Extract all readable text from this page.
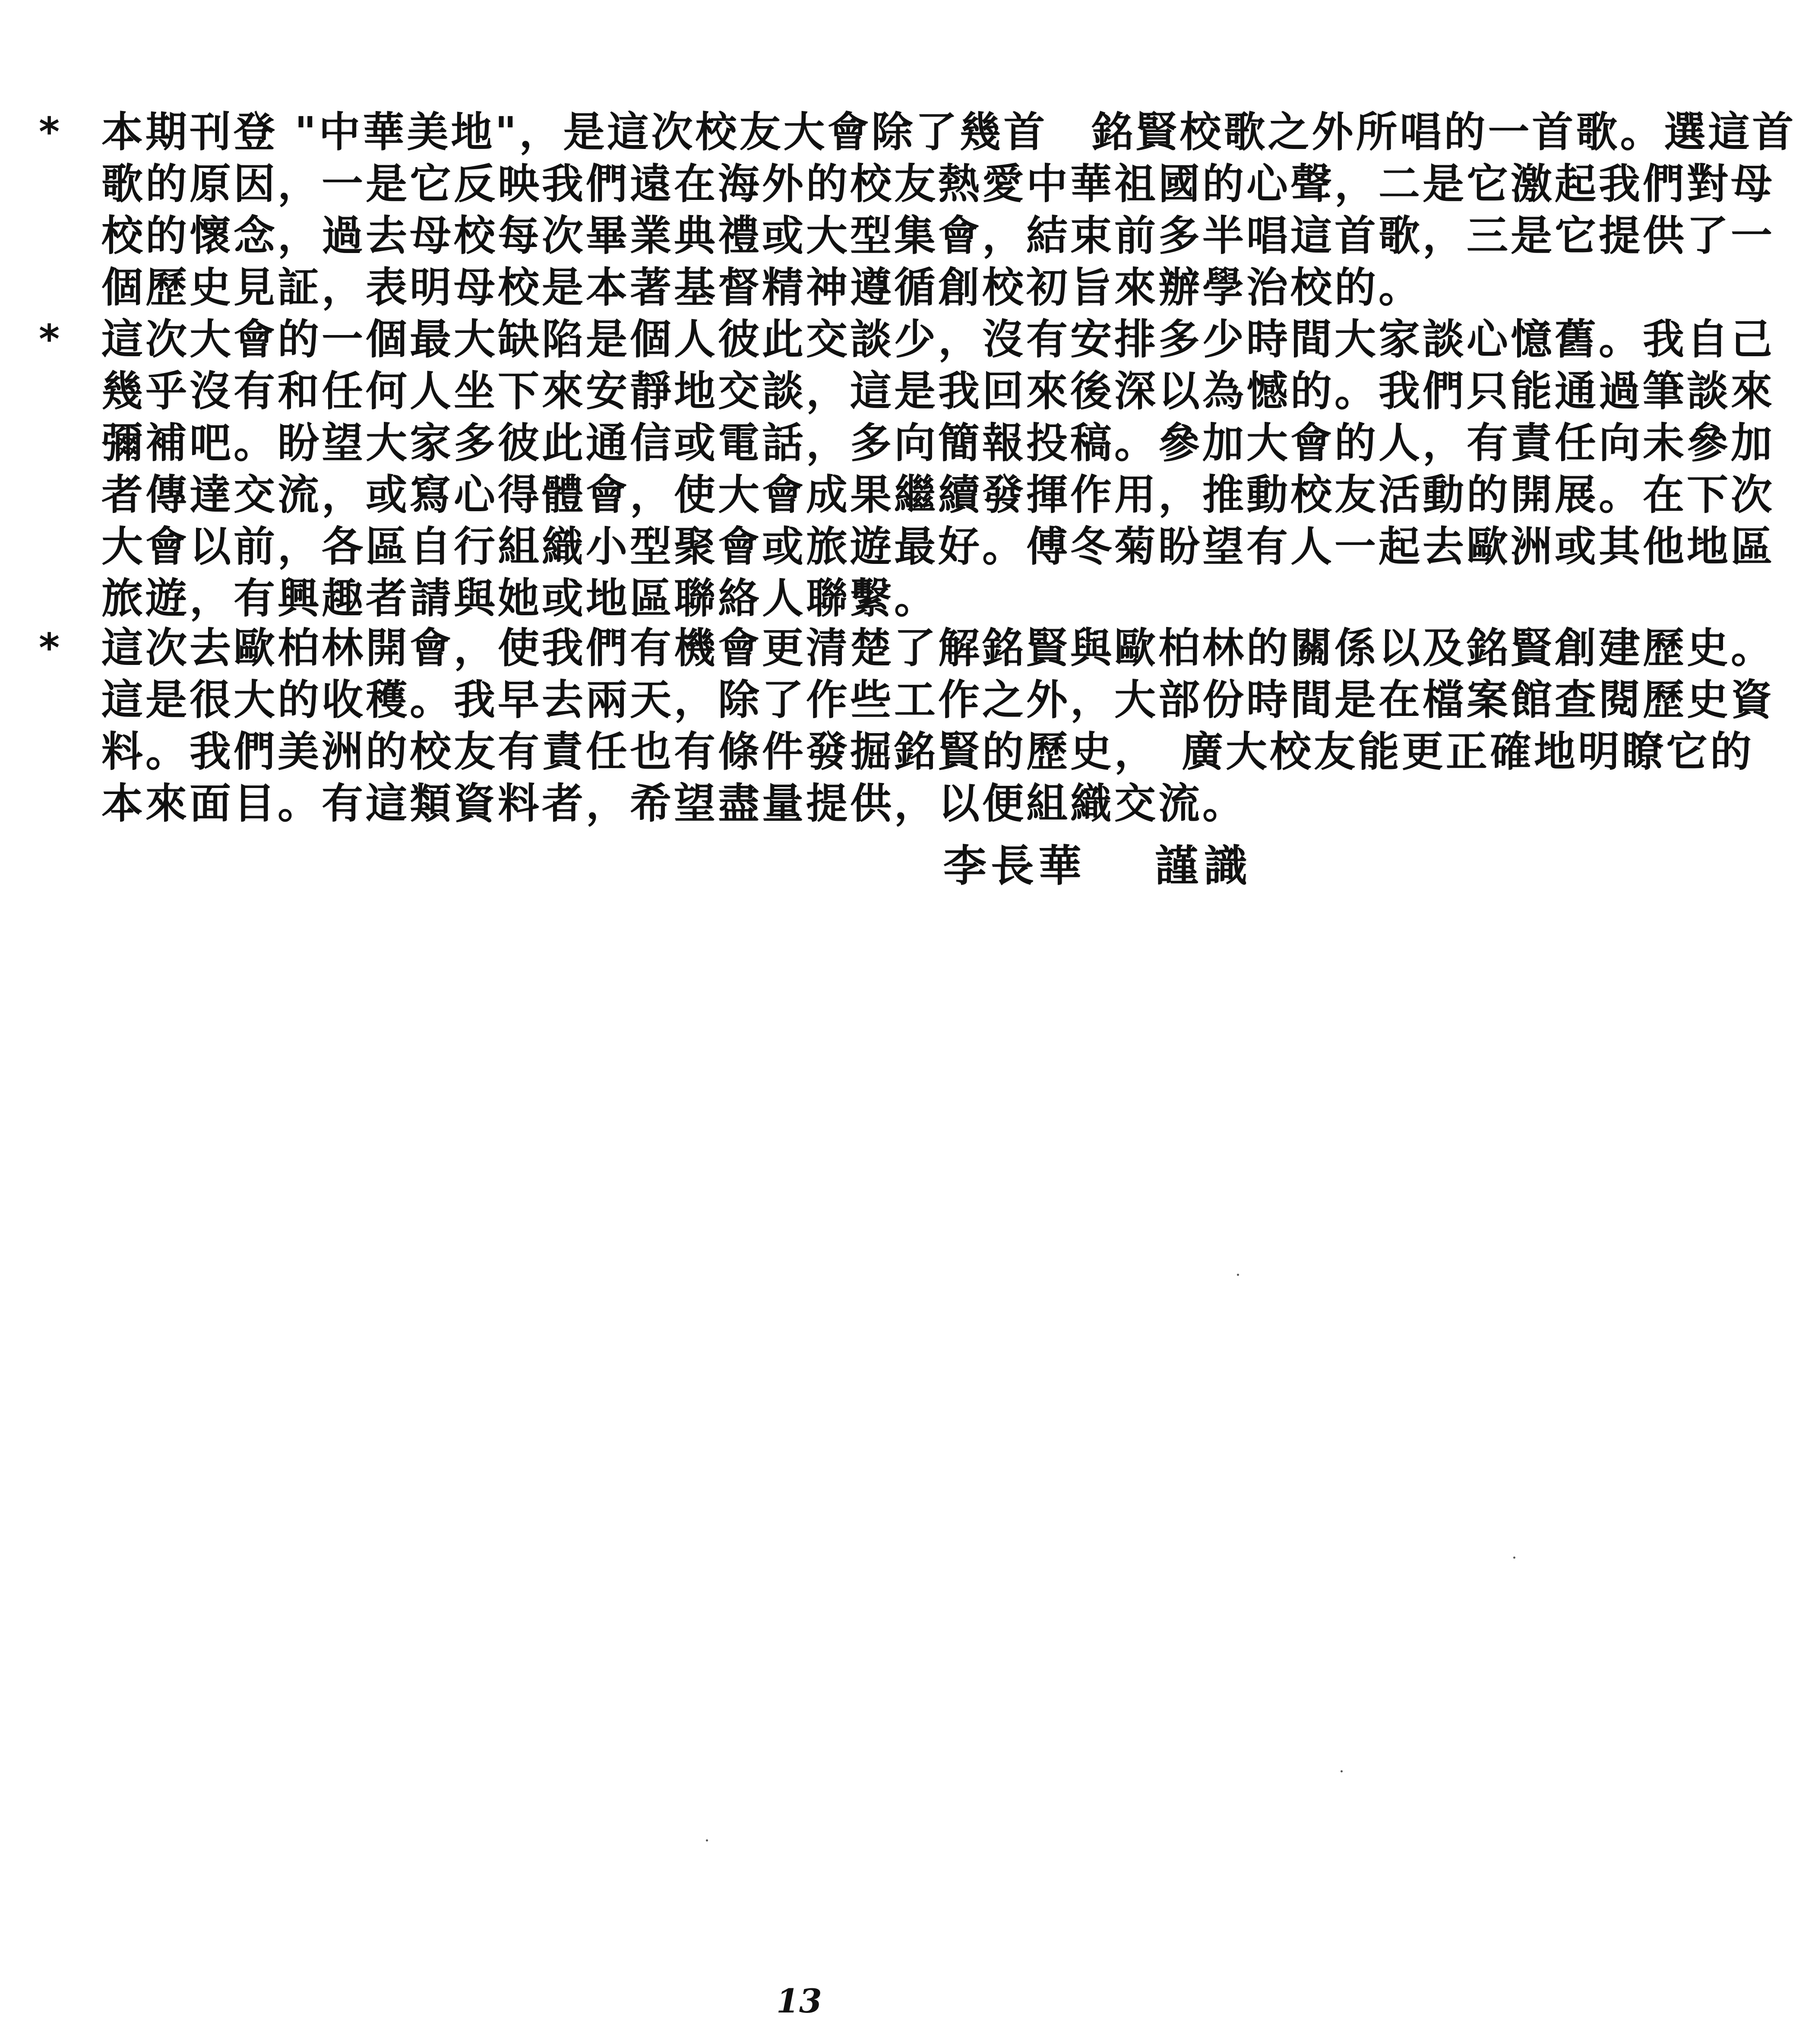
*	本期刊登 "中華美地"，是這次校友大會除了幾首　銘賢校歌之外所唱的一首歌。選這首
歌的原因，一是它反映我們遠在海外的校友熱愛中華祖國的心聲，二是它激起我們對母
校的懷念，過去母校每次畢業典禮或大型集會，結束前多半唱這首歌，三是它提供了一
個歷史見証，表明母校是本著基督精神遵循創校初旨來辦學治校的。
*	這次大會的一個最大缺陷是個人彼此交談少，沒有安排多少時間大家談心憶舊。我自己
幾乎沒有和任何人坐下來安靜地交談，這是我回來後深以為憾的。我們只能通過筆談來
彌補吧。盼望大家多彼此通信或電話，多向簡報投稿。參加大會的人，有責任向未參加
者傳達交流，或寫心得體會，使大會成果繼續發揮作用，推動校友活動的開展。在下次
大會以前，各區自行組織小型聚會或旅遊最好。傅冬菊盼望有人一起去歐洲或其他地區
旅遊，有興趣者請與她或地區聯絡人聯繫。
*	這次去歐柏林開會，使我們有機會更清楚了解銘賢與歐柏林的關係以及銘賢創建歷史。
這是很大的收穫。我早去兩天，除了作些工作之外，大部份時間是在檔案館查閱歷史資
料。我們美洲的校友有責任也有條件發掘銘賢的歷史，　廣大校友能更正確地明瞭它的
本來面目。有這類資料者，希望盡量提供，以便組織交流。
李長華 謹識
13
